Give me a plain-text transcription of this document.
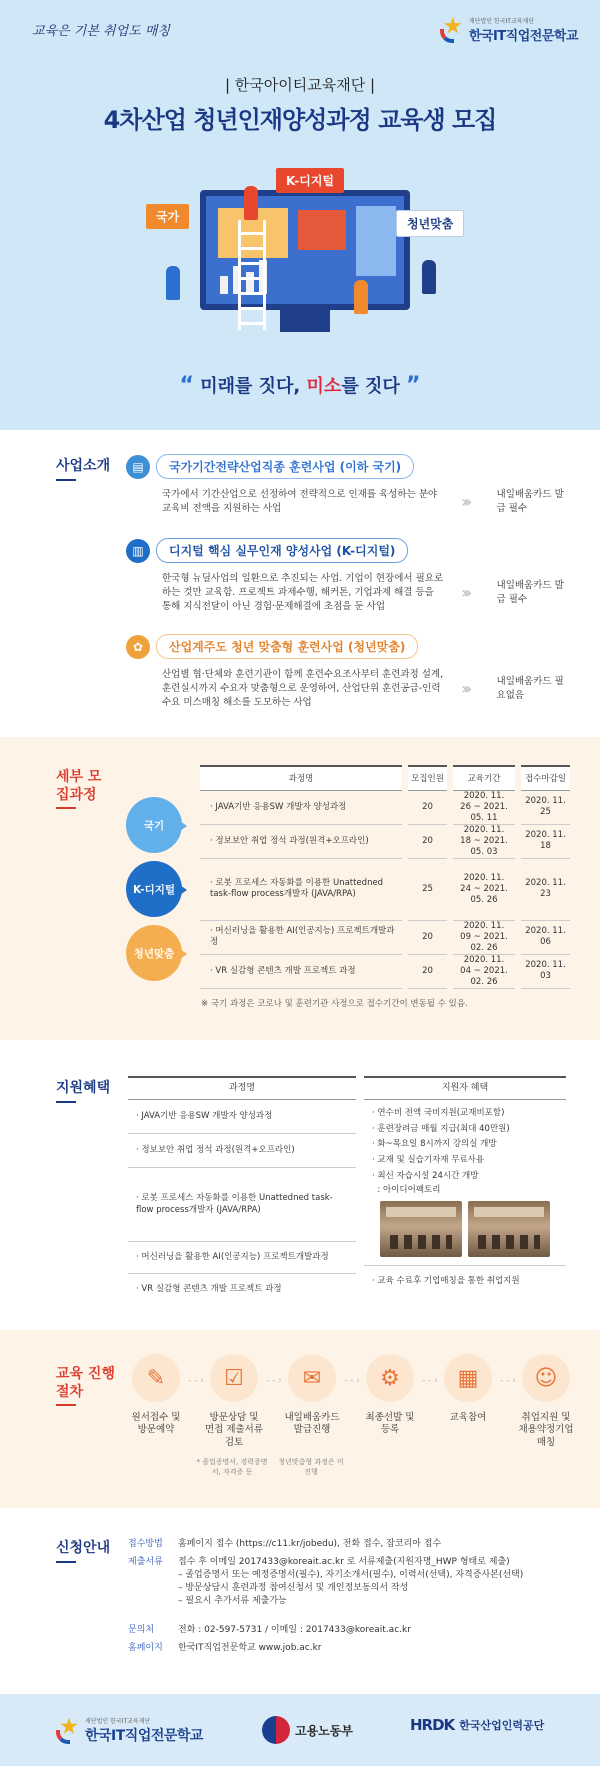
교육은 기본 취업도 매칭
재단법인 한국IT교육재단
한국IT직업전문학교
| 한국아이티교육재단 |
4차산업 청년인재양성과정 교육생 모집
K-디지털
국가	청년맞춤
“ 미래를 짓다, 미소를 짓다 ”
사업소개	▤	국가기간전략산업직종 훈련사업 (이하 국기)
국가에서 기간산업으로 선정하여 전략적으로 인재를 육성하는 분야 교육비 전액을 지원하는 사업	›››	내일배움카드 발급 필수
▥	디지털 핵심 실무인재 양성사업 (K-디지털)
한국형 뉴딜사업의 일환으로 추진되는 사업. 기업이 현장에서 필요로 하는 것만 교육함. 프로젝트 과제수행, 해커톤, 기업과제 해결 등을 통해 지식전달이 아닌 경험·문제해결에 초점을 둔 사업
›››	내일배움카드 발급 필수
✿	산업계주도 청년 맞춤형 훈련사업 (청년맞춤)
산업별 협·단체와 훈련기관이 함께 훈련수요조사부터 훈련과정 설계, 훈련실시까지 수요자 맞춤형으로 운영하여, 산업단위 훈련공급-인력수요 미스매칭 해소를 도모하는 사업
›››	내일배움카드 필요없음
세부 모집과정
과정명	모집인원	교육기간	접수마감일
· JAVA기반 응용SW 개발자 양성과정	20	2020. 11. 26 ~ 2021. 05. 11	2020. 11. 25
· 정보보안 취업 정석 과정(원격+오프라인)	20	2020. 11. 18 ~ 2021. 05. 03	2020. 11. 18
· 로봇 프로세스 자동화를 이용한 Unattedned task-flow process개발자 (JAVA/RPA)	25	2020. 11. 24 ~ 2021. 05. 26	2020. 11. 23
· 머신러닝을 활용한 AI(인공지능) 프로젝트개발과정	20	2020. 11. 09 ~ 2021. 02. 26	2020. 11. 06
· VR 실감형 콘텐츠 개발 프로젝트 과정	20	2020. 11. 04 ~ 2021. 02. 26	2020. 11. 03
국기
K-디지털
청년맞춤
※ 국기 과정은 코로나 및 훈련기관 사정으로 접수기간이 변동될 수 있음.
지원혜택	과정명
· JAVA기반 응용SW 개발자 양성과정
· 정보보안 취업 정석 과정(원격+오프라인)
· 로봇 프로세스 자동화를 이용한 Unattedned task-flow process개발자 (JAVA/RPA)
· 머신러닝을 활용한 AI(인공지능) 프로젝트개발과정
· VR 실감형 콘텐츠 개발 프로젝트 과정
지원자 혜택
· 연수비 전액 국비지원(교재비포함)
· 훈련장려금 매월 지급(최대 40만원)
· 화~목요일 8시까지 강의실 개방
· 교재 및 실습기자재 무료사용
· 최신 자습시설 24시간 개방
: 아이디어팩토리
· 교육 수료후 기업매칭을 통한 취업지원
교육 진행절차
✎
원서접수 및 방문예약
- - › ☑
방문상담 및 면접 제출서류 검토
- - › ✉
내일배움카드 발급진행
- - › ⚙
최종선발 및 등록
- - › ▦
교육참여
- - › ☺
취업지원 및 채용약정기업 매칭
* 졸업증명서, 경력증명서, 자격증 등
청년맞춤형 과정은 미진행
신청안내 접수방법	홈페이지 접수 (https://c11.kr/jobedu), 전화 접수, 잡코리아 접수
제출서류	접수 후 이메일 2017433@koreait.ac.kr 로 서류제출(지원자명_HWP 형태로 제출)
– 졸업증명서 또는 예정증명서(필수), 자기소개서(필수), 이력서(선택), 자격증사본(선택)
– 방문상담시 훈련과정 참여신청서 및 개인정보동의서 작성
– 필요시 추가서류 제출가능
문의처	전화 : 02-597-5731 / 이메일 : 2017433@koreait.ac.kr
홈페이지	한국IT직업전문학교 www.job.ac.kr
재단법인 한국IT교육재단
한국IT직업전문학교	고용노동부	HRDK 한국산업인력공단
